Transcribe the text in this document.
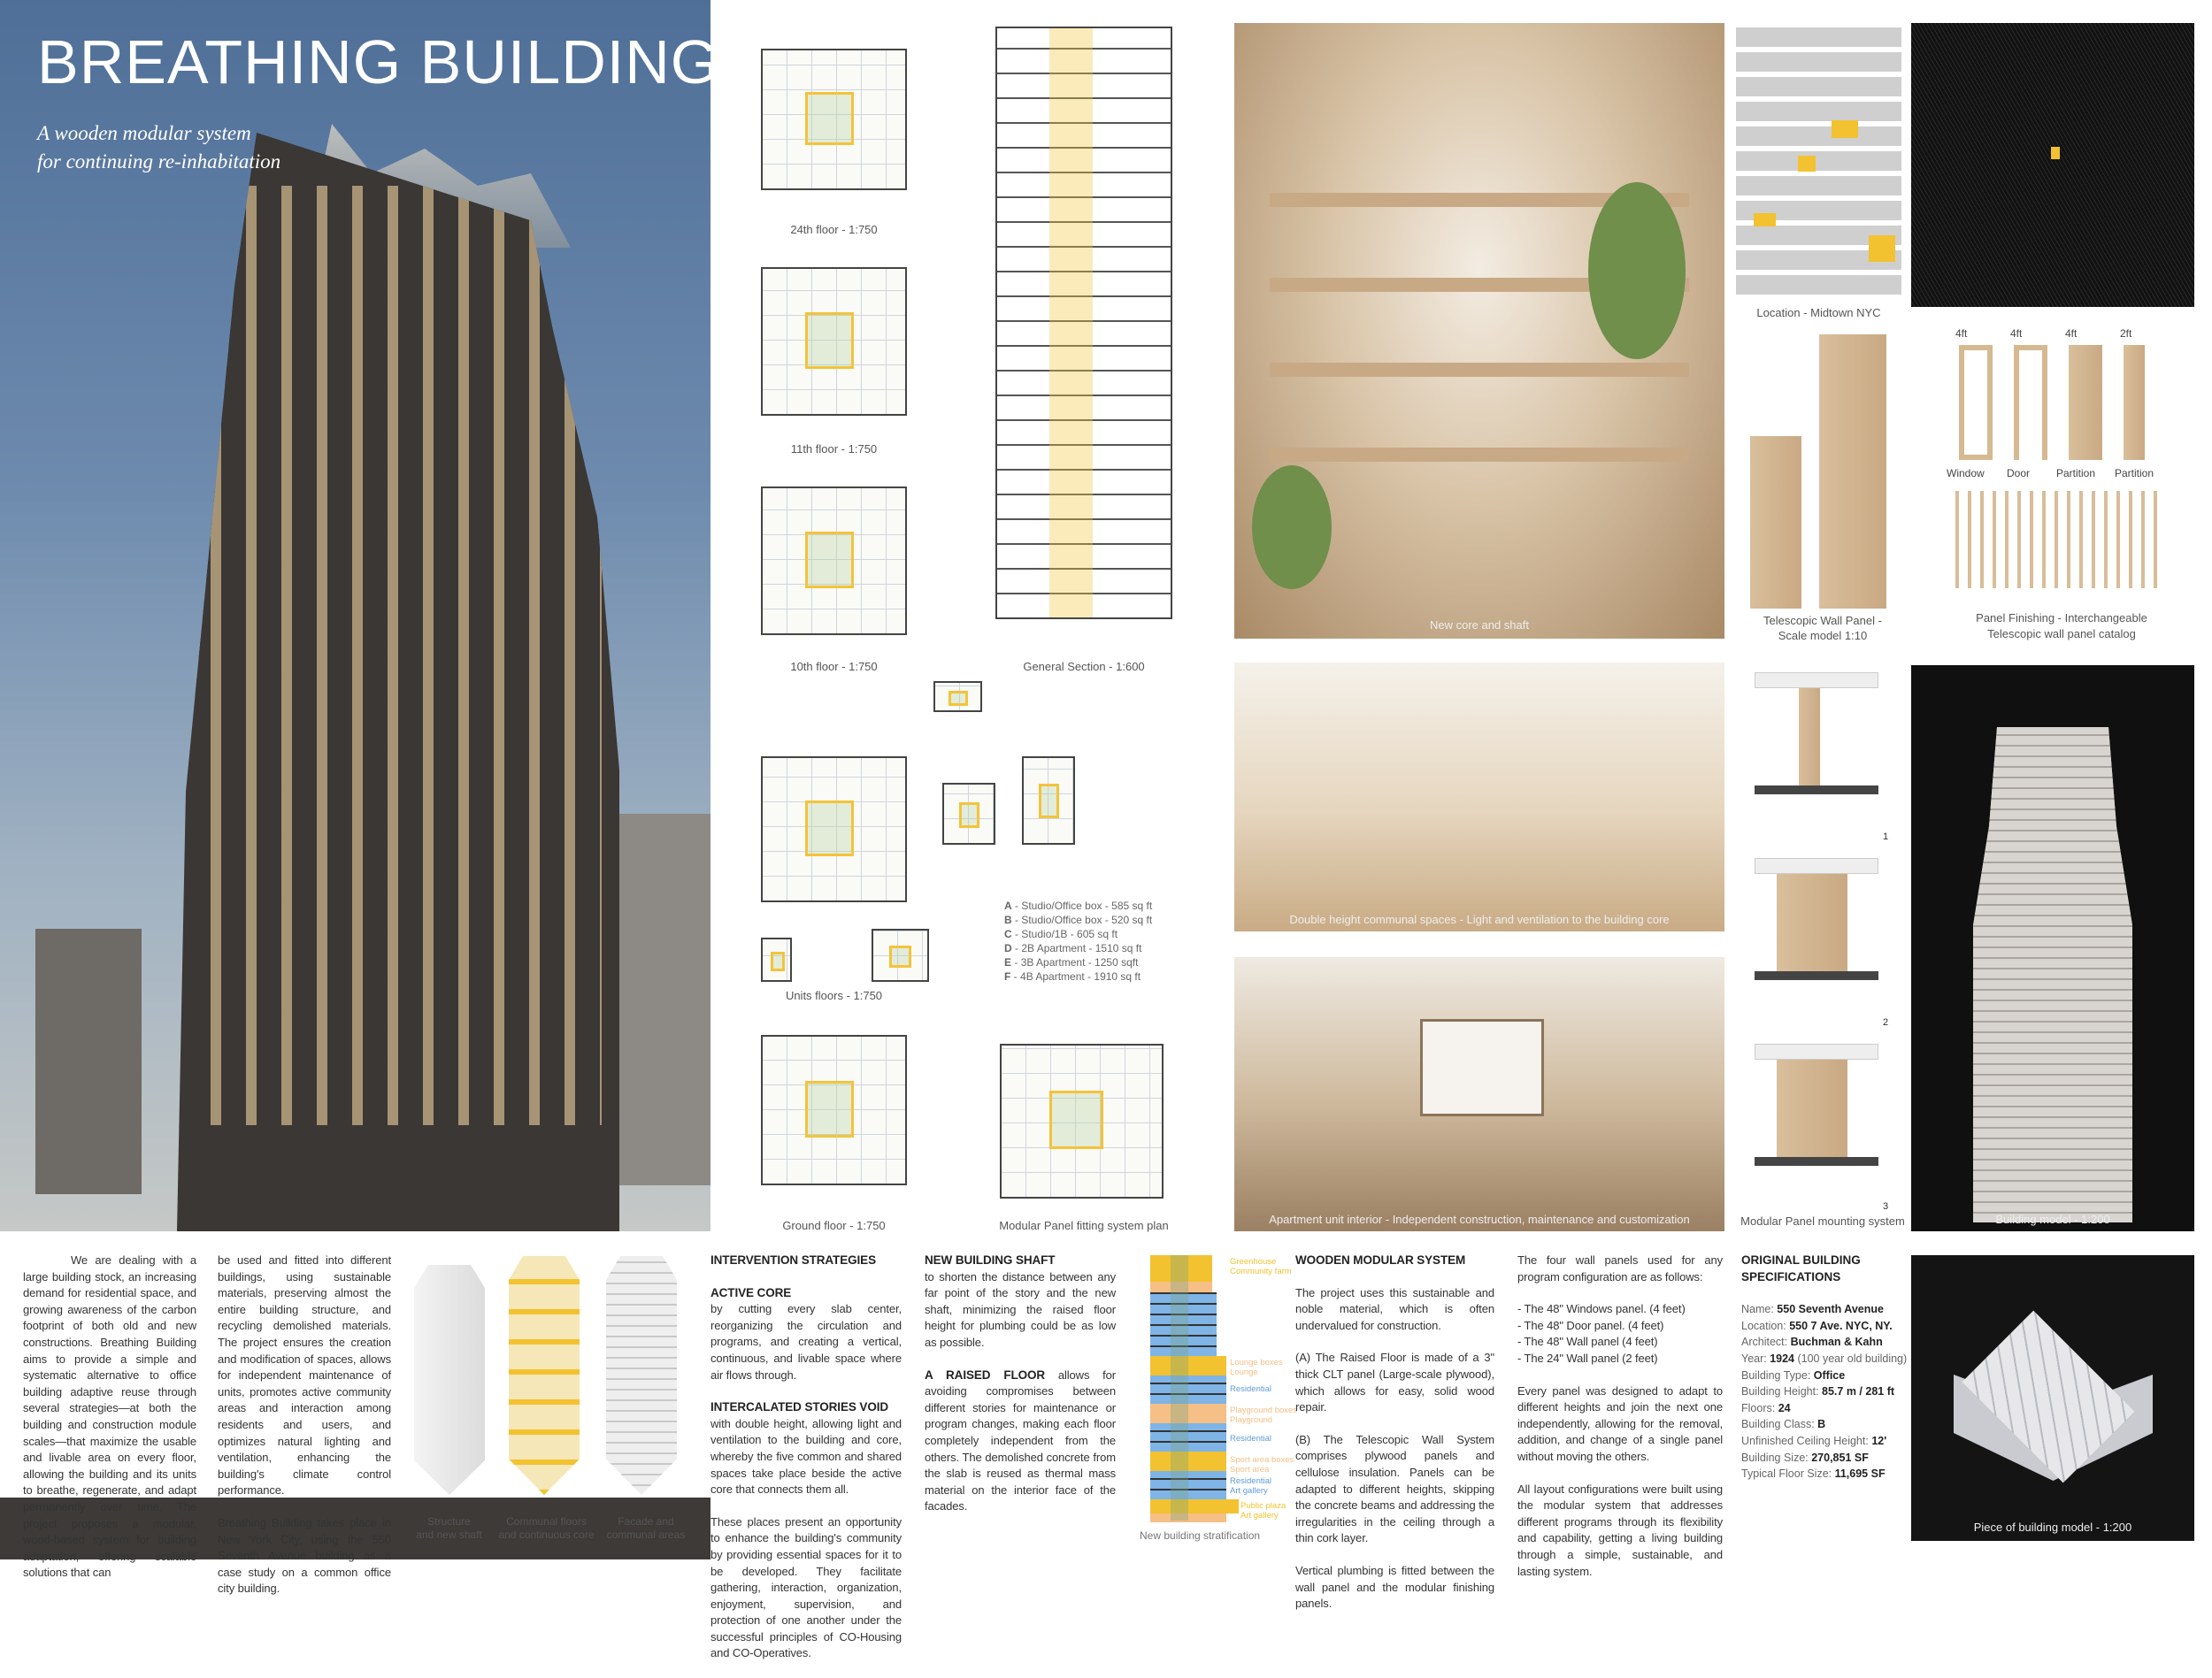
BREATHING BUILDING
A wooden modular system
for continuing re-inhabitation
24th floor - 1:750
11th floor - 1:750
10th floor - 1:750	General Section - 1:600
Units floors - 1:750
A - Studio/Office box - 585 sq ft
B - Studio/Office box - 520 sq ft
C - Studio/1B - 605 sq ft
D - 2B Apartment - 1510 sq ft
E - 3B Apartment - 1250 sqft
F - 4B Apartment - 1910 sq ft
Ground floor - 1:750	Modular Panel fitting system plan
New core and shaft
Double height communal spaces - Light and ventilation to the building core
Apartment unit interior - Independent construction, maintenance and customization
Location - Midtown NYC
Telescopic Wall Panel -
Scale model 1:10
4ft	4ft	4ft	2ft
Window Door Partition Partition
Panel Finishing - Interchangeable
Telescopic wall panel catalog
1
2
3
Modular Panel mounting system	Building model - 1:200
We are dealing with a large building stock, an increasing demand for residential space, and growing awareness of the carbon footprint of both old and new constructions. Breathing Building aims to provide a simple and systematic alternative to office building adaptive reuse through several strategies—at both the building and construction module scales—that maximize the usable and livable area on every floor, allowing the building and its units to breathe, regenerate, and adapt permanently over time. The project proposes a modular, wood-based system for building adaptation, offering scalable solutions that can

be used and fitted into different buildings, using sustainable materials, preserving almost the entire building structure, and recycling demolished materials. The project ensures the creation and modification of spaces, allows for independent maintenance of units, promotes active community areas and interaction among residents and users, and optimizes natural lighting and ventilation, enhancing the building's climate control performance.

Breathing Building takes place in New York City, using the 550 Seventh Avenue building as a case study on a common office city building.

Structure
and new shaft
Communal floors
and continuous core
Facade and
communal areas

INTERVENTION STRATEGIES

ACTIVE CORE

by cutting every slab center, reorganizing the circulation and programs, and creating a vertical, continuous, and livable space where air flows through.

INTERCALATED STORIES VOID

with double height, allowing light and ventilation to the building and core, whereby the five common and shared spaces take place beside the active core that connects them all.

These places present an opportunity to enhance the building's community by providing essential spaces for it to be developed. They facilitate gathering, interaction, organization, enjoyment, supervision, and protection of one another under the successful principles of CO-Housing and CO-Operatives.

NEW BUILDING SHAFT

to shorten the distance between any far point of the story and the new shaft, minimizing the raised floor height for plumbing could be as low as possible.

A RAISED FLOOR allows for avoiding compromises between different stories for maintenance or program changes, making each floor completely independent from the others. The demolished concrete from the slab is reused as thermal mass material on the interior face of the facades.

Greenhouse
Community farm
Lounge boxes
Lounge
Residential
Playground boxes
Playground
Residential
Sport area boxes
Sport area
Residential
Art gallery
Public plaza
Art gallery
New building stratification

WOODEN MODULAR SYSTEM

The project uses this sustainable and noble material, which is often undervalued for construction.

(A) The Raised Floor is made of a 3" thick CLT panel (Large-scale plywood), which allows for easy, solid wood repair.

(B) The Telescopic Wall System comprises plywood panels and cellulose insulation. Panels can be adapted to different heights, skipping the concrete beams and addressing the irregularities in the ceiling through a thin cork layer.

Vertical plumbing is fitted between the wall panel and the modular finishing panels.

The four wall panels used for any program configuration are as follows:

- The 48" Windows panel. (4 feet)
- The 48" Door panel. (4 feet)
- The 48" Wall panel (4 feet)
- The 24" Wall panel (2 feet)

Every panel was designed to adapt to different heights and join the next one independently, allowing for the removal, addition, and change of a single panel without moving the others.

All layout configurations were built using the modular system that addresses different programs through its flexibility and capability, getting a living building through a simple, sustainable, and lasting system.

ORIGINAL BUILDING
SPECIFICATIONS
Name: 550 Seventh Avenue
Location: 550 7 Ave. NYC, NY.
Architect: Buchman & Kahn
Year: 1924 (100 year old building)
Building Type: Office
Building Height: 85.7 m / 281 ft
Floors: 24
Building Class: B
Unfinished Ceiling Height: 12'
Building Size: 270,851 SF
Typical Floor Size: 11,695 SF
Piece of building model - 1:200
